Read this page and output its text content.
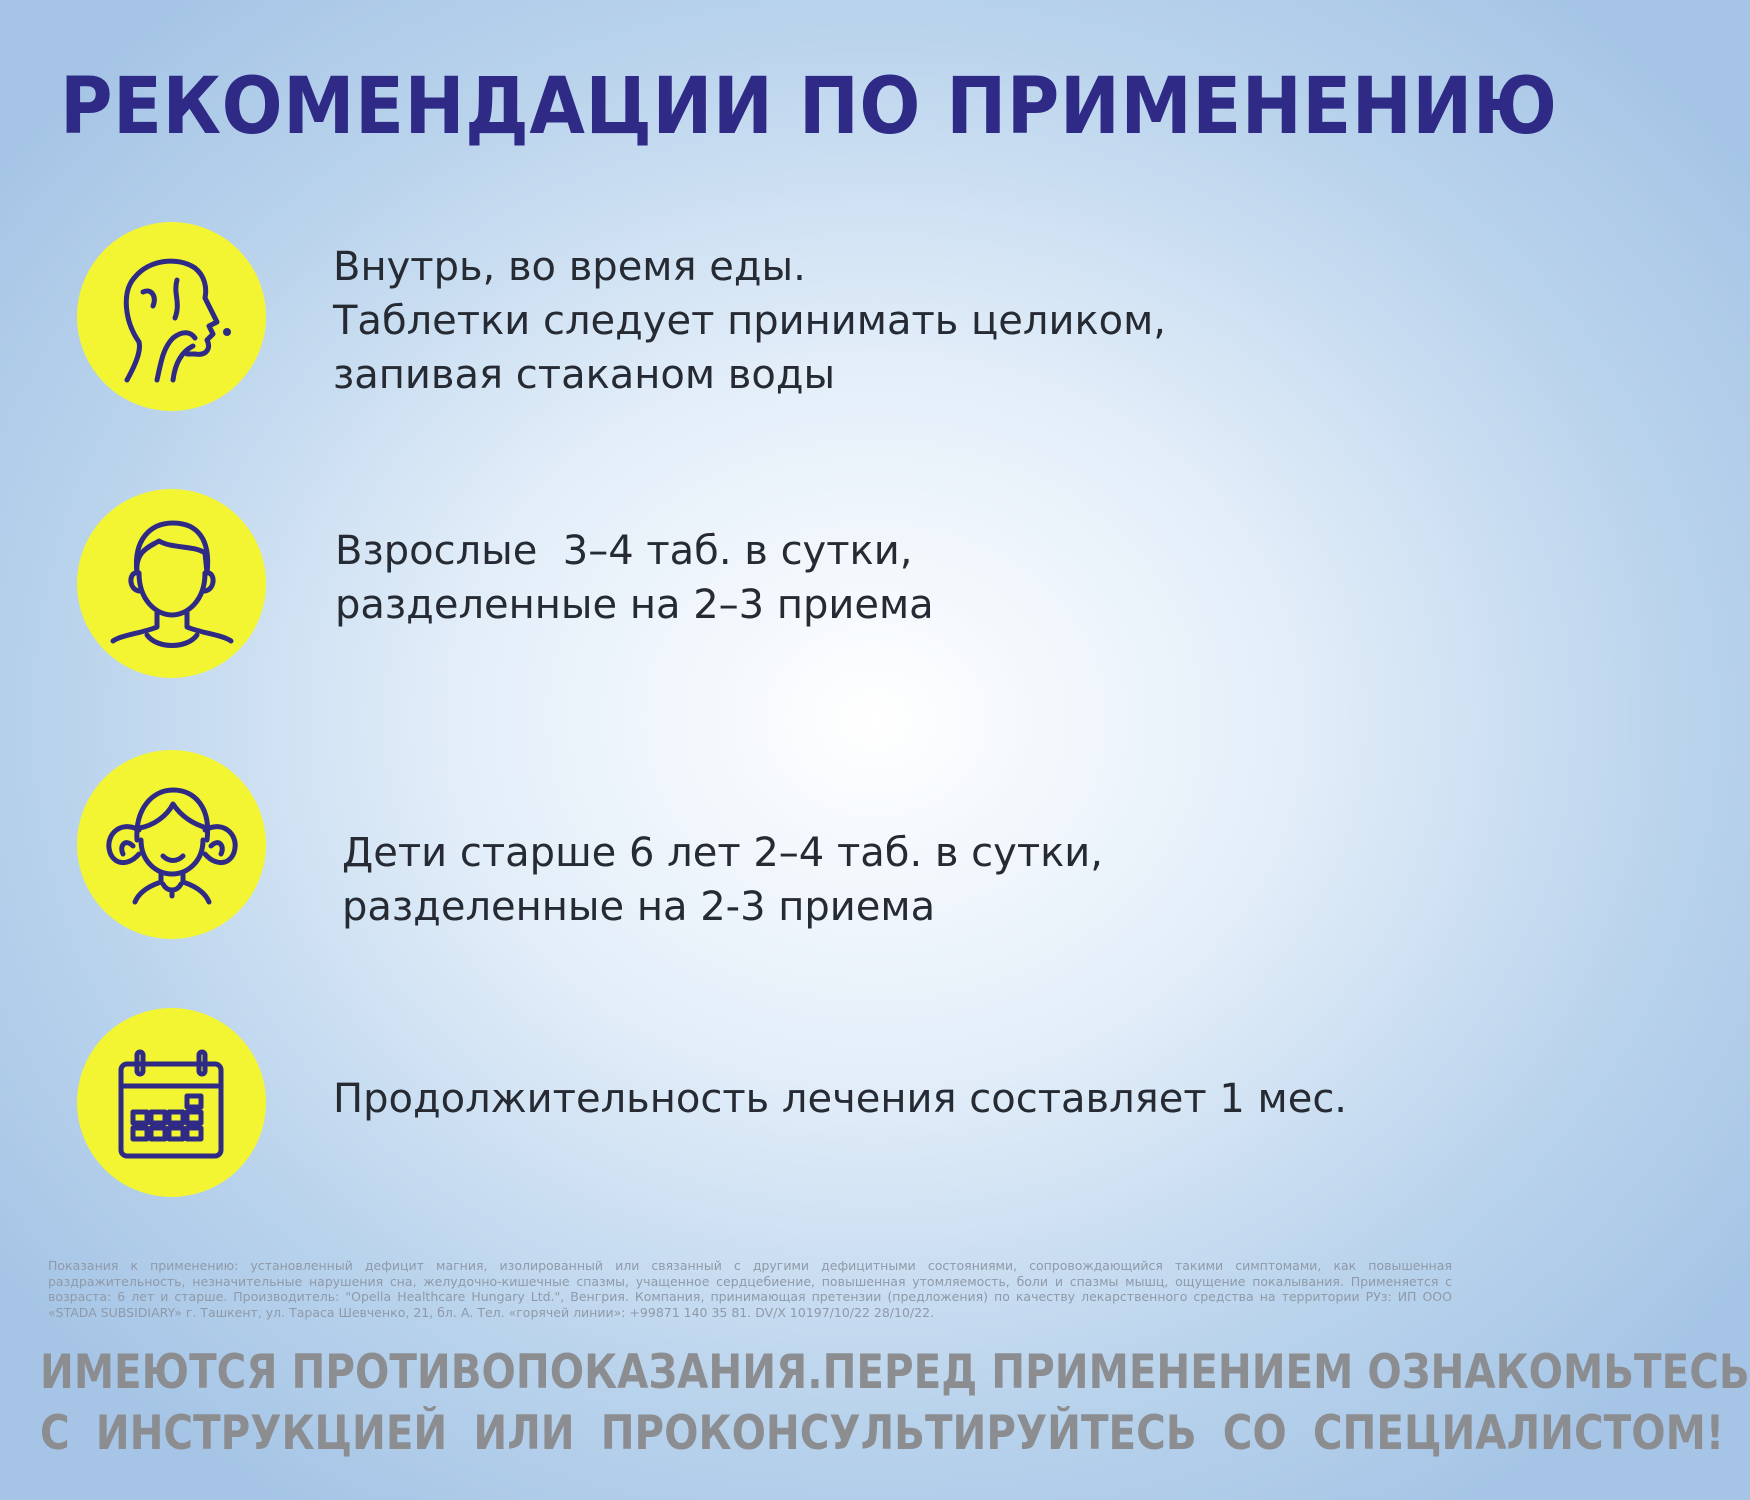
РЕКОМЕНДАЦИИ ПО ПРИМЕНЕНИЮ
Внутрь, во время еды.
Таблетки следует принимать целиком,
запивая стаканом воды
Взрослые  3–4 таб. в сутки,
разделенные на 2–3 приема
Дети старше 6 лет 2–4 таб. в сутки,
разделенные на 2-3 приема
Продолжительность лечения составляет 1 мес.
Показания к применению: установленный дефицит магния, изолированный или связанный с другими дефицитными состояниями, сопровождающийся такими симптомами, как повышенная раздражительность, незначительные нарушения сна, желудочно-кишечные спазмы, учащенное сердцебиение, повышенная утомляемость, боли и спазмы мышц, ощущение покалывания. Применяется с возраста: 6 лет и старше. Производитель: "Opella Healthcare Hungary Ltd.", Венгрия. Компания, принимающая претензии (предложения) по качеству лекарственного средства на территории РУз: ИП ООО «STADA SUBSIDIARY» г. Ташкент, ул. Тараса Шевченко, 21, бл. А. Тел. «горячей линии»: +99871 140 35 81. DV/X 10197/10/22 28/10/22.
ИМЕЮТСЯ ПРОТИВОПОКАЗАНИЯ.ПЕРЕД ПРИМЕНЕНИЕМ ОЗНАКОМЬТЕСЬ
С ИНСТРУКЦИЕЙ ИЛИ ПРОКОНСУЛЬТИРУЙТЕСЬ СО СПЕЦИАЛИСТОМ!
